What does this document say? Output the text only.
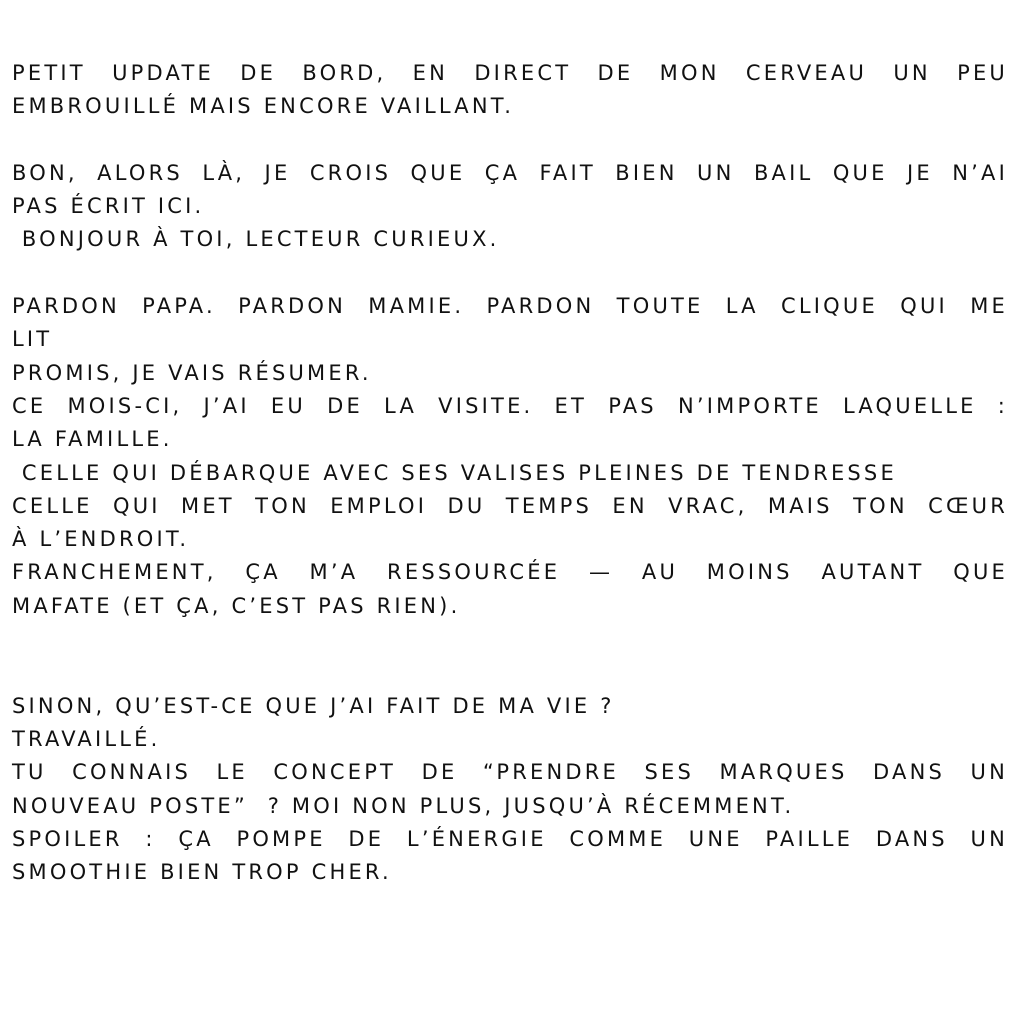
PETIT UPDATE DE BORD, EN DIRECT DE MON CERVEAU UN PEU
EMBROUILLÉ MAIS ENCORE VAILLANT.
BON, ALORS LÀ, JE CROIS QUE ÇA FAIT BIEN UN BAIL QUE JE N’AI
PAS ÉCRIT ICI.
BONJOUR À TOI, LECTEUR CURIEUX.
PARDON PAPA. PARDON MAMIE. PARDON TOUTE LA CLIQUE QUI ME
LIT
PROMIS, JE VAIS RÉSUMER.
CE MOIS-CI, J’AI EU DE LA VISITE. ET PAS N’IMPORTE LAQUELLE :
LA FAMILLE.
CELLE QUI DÉBARQUE AVEC SES VALISES PLEINES DE TENDRESSE
CELLE QUI MET TON EMPLOI DU TEMPS EN VRAC, MAIS TON CŒUR
À L’ENDROIT.
FRANCHEMENT, ÇA M’A RESSOURCÉE — AU MOINS AUTANT QUE
MAFATE (ET ÇA, C’EST PAS RIEN).
SINON, QU’EST-CE QUE J’AI FAIT DE MA VIE ?
TRAVAILLÉ.
TU CONNAIS LE CONCEPT DE “PRENDRE SES MARQUES DANS UN
NOUVEAU POSTE”  ? MOI NON PLUS, JUSQU’À RÉCEMMENT.
SPOILER : ÇA POMPE DE L’ÉNERGIE COMME UNE PAILLE DANS UN
SMOOTHIE BIEN TROP CHER.
